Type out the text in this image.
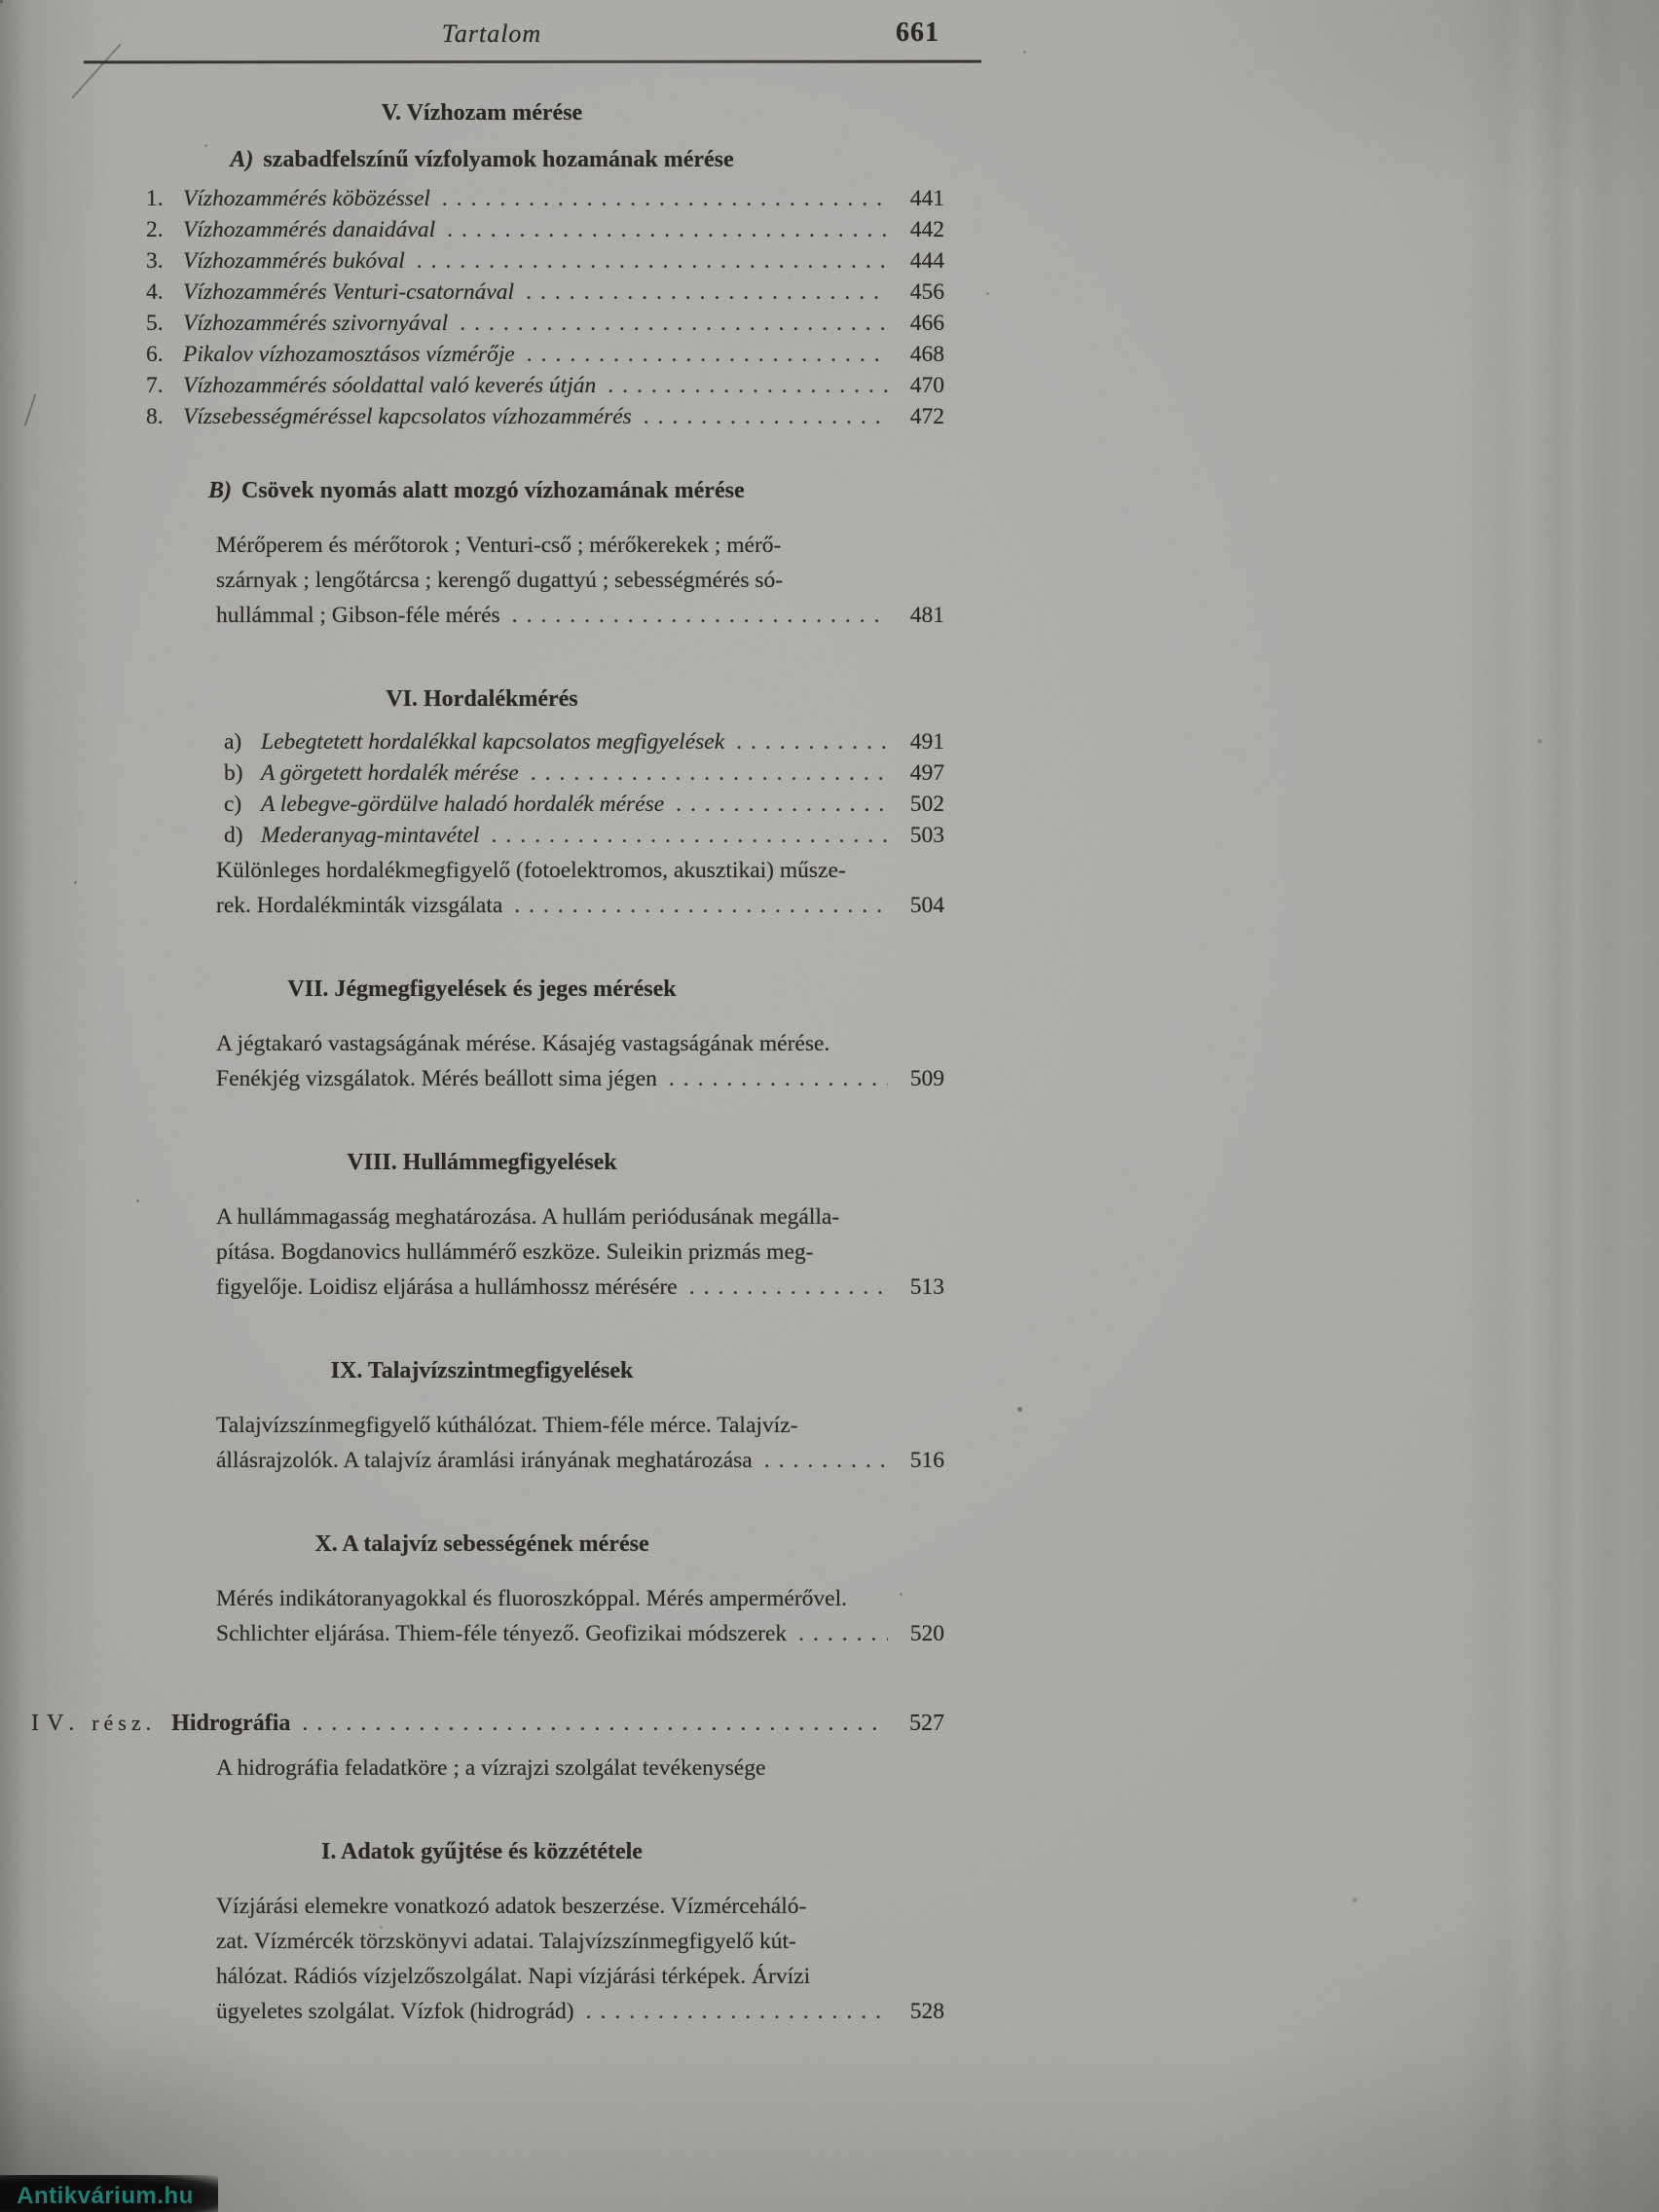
Tartalom	661
V. Vízhozam mérése
A) szabadfelszínű vízfolyamok hozamának mérése
1. Vízhozammérés köbözéssel .....	441
2. Vízhozammérés danaidával .....	442
3. Vízhozammérés bukóval .....	444
4. Vízhozammérés Venturi-csatornával .....	456
5. Vízhozammérés szivornyával .....	466
6. Pikalov vízhozamosztásos vízmérője .....	468
7. Vízhozammérés sóoldattal való keverés útján .....	470
8. Vízsebességméréssel kapcsolatos vízhozammérés .....	472
B) Csövek nyomás alatt mozgó vízhozamának mérése
Mérőperem és mérőtorok ; Venturi-cső ; mérőkerekek ; mérő-
szárnyak ; lengőtárcsa ; kerengő dugattyú ; sebességmérés só-
hullámmal ; Gibson-féle mérés .....	481
VI. Hordalékmérés
a) Lebegtetett hordalékkal kapcsolatos megfigyelések .....	491
b) A görgetett hordalék mérése .....	497
c) A lebegve-gördülve haladó hordalék mérése .....	502
d) Mederanyag-mintavétel .....	503
Különleges hordalékmegfigyelő (fotoelektromos, akusztikai) műsze-
rek. Hordalékminták vizsgálata .....	504
VII. Jégmegfigyelések és jeges mérések
A jégtakaró vastagságának mérése. Kásajég vastagságának mérése.
Fenékjég vizsgálatok. Mérés beállott sima jégen .....	509
VIII. Hullámmegfigyelések
A hullámmagasság meghatározása. A hullám periódusának megálla-
pítása. Bogdanovics hullámmérő eszköze. Suleikin prizmás meg-
figyelője. Loidisz eljárása a hullámhossz mérésére .....	513
IX. Talajvízszintmegfigyelések
Talajvízszínmegfigyelő kúthálózat. Thiem-féle mérce. Talajvíz-
állásrajzolók. A talajvíz áramlási irányának meghatározása .....	516
X. A talajvíz sebességének mérése
Mérés indikátoranyagokkal és fluoroszkóppal. Mérés ampermérővel.
Schlichter eljárása. Thiem-féle tényező. Geofizikai módszerek .....	520
IV. rész. Hidrográfia .....	527
A hidrográfia feladatköre ; a vízrajzi szolgálat tevékenysége
I. Adatok gyűjtése és közzététele
Vízjárási elemekre vonatkozó adatok beszerzése. Vízmérceháló-
zat. Vízmércék törzskönyvi adatai. Talajvízszínmegfigyelő kút-
hálózat. Rádiós vízjelzőszolgálat. Napi vízjárási térképek. Árvízi
ügyeletes szolgálat. Vízfok (hidrográd) .....	528
Antikvárium.hu
